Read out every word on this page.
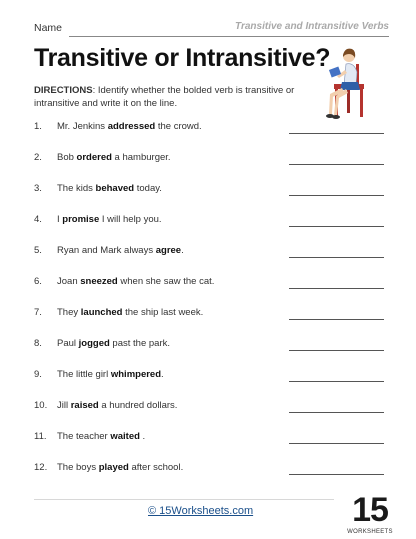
Name	Transitive and Intransitive Verbs
Transitive or Intransitive?
DIRECTIONS: Identify whether the bolded verb is transitive or intransitive and write it on the line.
1.	Mr. Jenkins addressed the crowd.
2.	Bob ordered a hamburger.
3.	The kids behaved today.
4.	I promise I will help you.
5.	Ryan and Mark always agree.
6.	Joan sneezed when she saw the cat.
7.	They launched the ship last week.
8.	Paul jogged past the park.
9.	The little girl whimpered.
10. Jill raised a hundred dollars.
11.	The teacher waited .
12. The boys played after school.
© 15Worksheets.com	15
WORKSHEETS
